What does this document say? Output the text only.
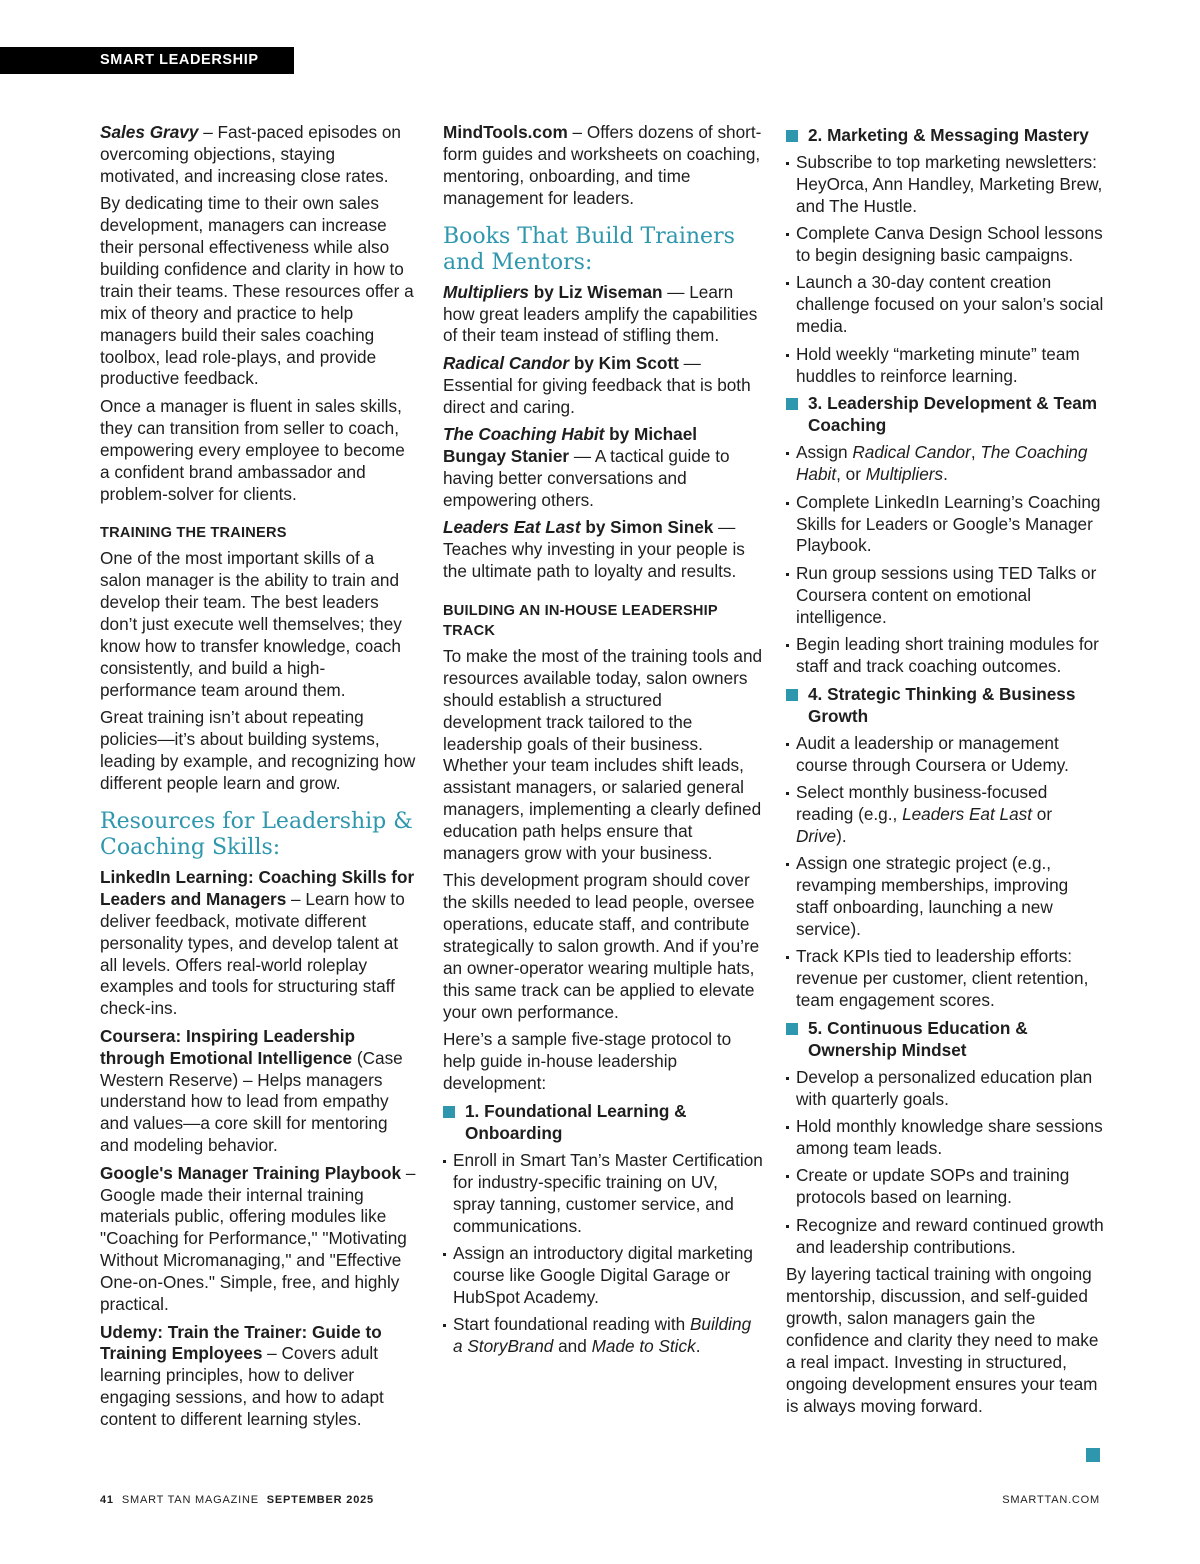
SMART LEADERSHIP

Sales Gravy – Fast-paced episodes on overcoming objections, staying motivated, and increasing close rates.

By dedicating time to their own sales development, managers can increase their personal effectiveness while also building confidence and clarity in how to train their teams. These resources offer a mix of theory and practice to help managers build their sales coaching toolbox, lead role-plays, and provide productive feedback.

Once a manager is fluent in sales skills, they can transition from seller to coach, empowering every employee to become a confident brand ambassador and problem-solver for clients.

TRAINING THE TRAINERS

One of the most important skills of a salon manager is the ability to train and develop their team. The best leaders don’t just execute well themselves; they know how to transfer knowledge, coach consistently, and build a high-performance team around them.

Great training isn’t about repeating policies—it’s about building systems, leading by example, and recognizing how different people learn and grow.

Resources for Leadership & Coaching Skills:

LinkedIn Learning: Coaching Skills for Leaders and Managers – Learn how to deliver feedback, motivate different personality types, and develop talent at all levels. Offers real-world roleplay examples and tools for structuring staff check-ins.

Coursera: Inspiring Leadership through Emotional Intelligence (Case Western Reserve) – Helps managers understand how to lead from empathy and values—a core skill for mentoring and modeling behavior.

Google's Manager Training Playbook – Google made their internal training materials public, offering modules like "Coaching for Performance," "Motivating Without Micromanaging," and "Effective One-on-Ones." Simple, free, and highly practical.

Udemy: Train the Trainer: Guide to Training Employees – Covers adult learning principles, how to deliver engaging sessions, and how to adapt content to different learning styles.

MindTools.com – Offers dozens of short-form guides and worksheets on coaching, mentoring, onboarding, and time management for leaders.

Books That Build Trainers and Mentors:

Multipliers by Liz Wiseman — Learn how great leaders amplify the capabilities of their team instead of stifling them.

Radical Candor by Kim Scott — Essential for giving feedback that is both direct and caring.

The Coaching Habit by Michael Bungay Stanier — A tactical guide to having better conversations and empowering others.

Leaders Eat Last by Simon Sinek — Teaches why investing in your people is the ultimate path to loyalty and results.

BUILDING AN IN-HOUSE LEADERSHIP TRACK

To make the most of the training tools and resources available today, salon owners should establish a structured development track tailored to the leadership goals of their business. Whether your team includes shift leads, assistant managers, or salaried general managers, implementing a clearly defined education path helps ensure that managers grow with your business.

This development program should cover the skills needed to lead people, oversee operations, educate staff, and contribute strategically to salon growth. And if you’re an owner-operator wearing multiple hats, this same track can be applied to elevate your own performance.

Here’s a sample five-stage protocol to help guide in-house leadership development:

1. Foundational Learning & Onboarding
Enroll in Smart Tan’s Master Certification for industry-specific training on UV, spray tanning, customer service, and communications.
Assign an introductory digital marketing course like Google Digital Garage or HubSpot Academy.
Start foundational reading with Building a StoryBrand and Made to Stick.
2. Marketing & Messaging Mastery
Subscribe to top marketing newsletters: HeyOrca, Ann Handley, Marketing Brew, and The Hustle.
Complete Canva Design School lessons to begin designing basic campaigns.
Launch a 30-day content creation challenge focused on your salon’s social media.
Hold weekly “marketing minute” team huddles to reinforce learning.
3. Leadership Development & Team Coaching
Assign Radical Candor, The Coaching Habit, or Multipliers.
Complete LinkedIn Learning’s Coaching Skills for Leaders or Google’s Manager Playbook.
Run group sessions using TED Talks or Coursera content on emotional intelligence.
Begin leading short training modules for staff and track coaching outcomes.
4. Strategic Thinking & Business Growth
Audit a leadership or management course through Coursera or Udemy.
Select monthly business-focused reading (e.g., Leaders Eat Last or Drive).
Assign one strategic project (e.g., revamping memberships, improving staff onboarding, launching a new service).
Track KPIs tied to leadership efforts: revenue per customer, client retention, team engagement scores.
5. Continuous Education & Ownership Mindset
Develop a personalized education plan with quarterly goals.
Hold monthly knowledge share sessions among team leads.
Create or update SOPs and training protocols based on learning.
Recognize and reward continued growth and leadership contributions.

By layering tactical training with ongoing mentorship, discussion, and self-guided growth, salon managers gain the confidence and clarity they need to make a real impact. Investing in structured, ongoing development ensures your team is always moving forward.

41 SMART TAN MAGAZINE SEPTEMBER 2025	SMARTTAN.COM
